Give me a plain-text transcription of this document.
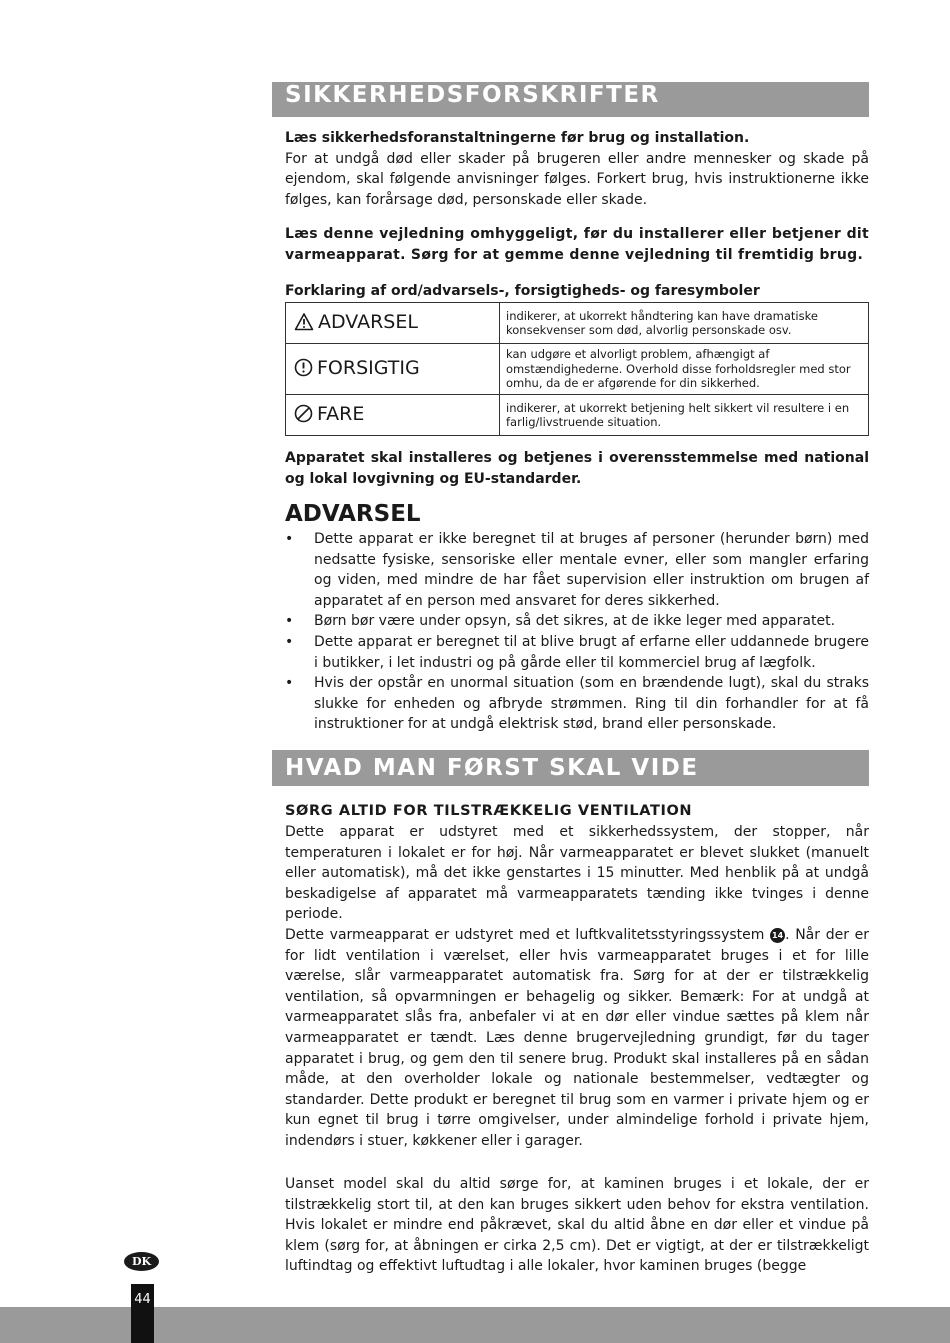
SIKKERHEDSFORSKRIFTER

Læs sikkerhedsforanstaltningerne før brug og installation.

For at undgå død eller skader på brugeren eller andre mennesker og skade på ejendom, skal følgende anvisninger følges. Forkert brug, hvis instruktionerne ikke følges, kan forårsage død, personskade eller skade.

Læs denne vejledning omhyggeligt, før du installerer eller betjener dit varmeapparat. Sørg for at gemme denne vejledning til fremtidig brug.

Forklaring af ord/advarsels-, forsigtigheds- og faresymboler

ADVARSEL	indikerer, at ukorrekt håndtering kan have dramatiske konsekvenser som død, alvorlig personskade osv.
FORSIGTIG	kan udgøre et alvorligt problem, afhængigt af omstændighederne. Overhold disse forholdsregler med stor omhu, da de er afgørende for din sikkerhed.
FARE	indikerer, at ukorrekt betjening helt sikkert vil resultere i en farlig/livstruende situation.

Apparatet skal installeres og betjenes i overensstemmelse med national og lokal lovgivning og EU-standarder.

ADVARSEL
• Dette apparat er ikke beregnet til at bruges af personer (herunder børn) med nedsatte fysiske, sensoriske eller mentale evner, eller som mangler erfaring og viden, med mindre de har fået supervision eller instruktion om brugen af apparatet af en person med ansvaret for deres sikkerhed.
• Børn bør være under opsyn, så det sikres, at de ikke leger med apparatet.
• Dette apparat er beregnet til at blive brugt af erfarne eller uddannede brugere i butikker, i let industri og på gårde eller til kommerciel brug af lægfolk.
• Hvis der opstår en unormal situation (som en brændende lugt), skal du straks slukke for enheden og afbryde strømmen. Ring til din forhandler for at få instruktioner for at undgå elektrisk stød, brand eller personskade.
HVAD MAN FØRST SKAL VIDE

SØRG ALTID FOR TILSTRÆKKELIG VENTILATION

Dette apparat er udstyret med et sikkerhedssystem, der stopper, når temperaturen i lokalet er for høj. Når varmeapparatet er blevet slukket (manuelt eller automatisk), må det ikke genstartes i 15 minutter. Med henblik på at undgå beskadigelse af apparatet må varmeapparatets tænding ikke tvinges i denne periode.

Dette varmeapparat er udstyret med et luftkvalitetsstyringssystem 14 . Når der er for lidt ventilation i værelset, eller hvis varmeapparatet bruges i et for lille værelse, slår varmeapparatet automatisk fra. Sørg for at der er tilstrækkelig ventilation, så opvarmningen er behagelig og sikker. Bemærk: For at undgå at varmeapparatet slås fra, anbefaler vi at en dør eller vindue sættes på klem når varmeapparatet er tændt. Læs denne brugervejledning grundigt, før du tager apparatet i brug, og gem den til senere brug. Produkt skal installeres på en sådan måde, at den overholder lokale og nationale bestemmelser, vedtægter og standarder. Dette produkt er beregnet til brug som en varmer i private hjem og er kun egnet til brug i tørre omgivelser, under almindelige forhold i private hjem, indendørs i stuer, køkkener eller i garager.

Uanset model skal du altid sørge for, at kaminen bruges i et lokale, der er tilstrækkelig stort til, at den kan bruges sikkert uden behov for ekstra ventilation. Hvis lokalet er mindre end påkrævet, skal du altid åbne en dør eller et vindue på klem (sørg for, at åbningen er cirka 2,5 cm). Det er vigtigt, at der er tilstrækkeligt luftindtag og effektivt luftudtag i alle lokaler, hvor kaminen bruges (begge

DK
44
